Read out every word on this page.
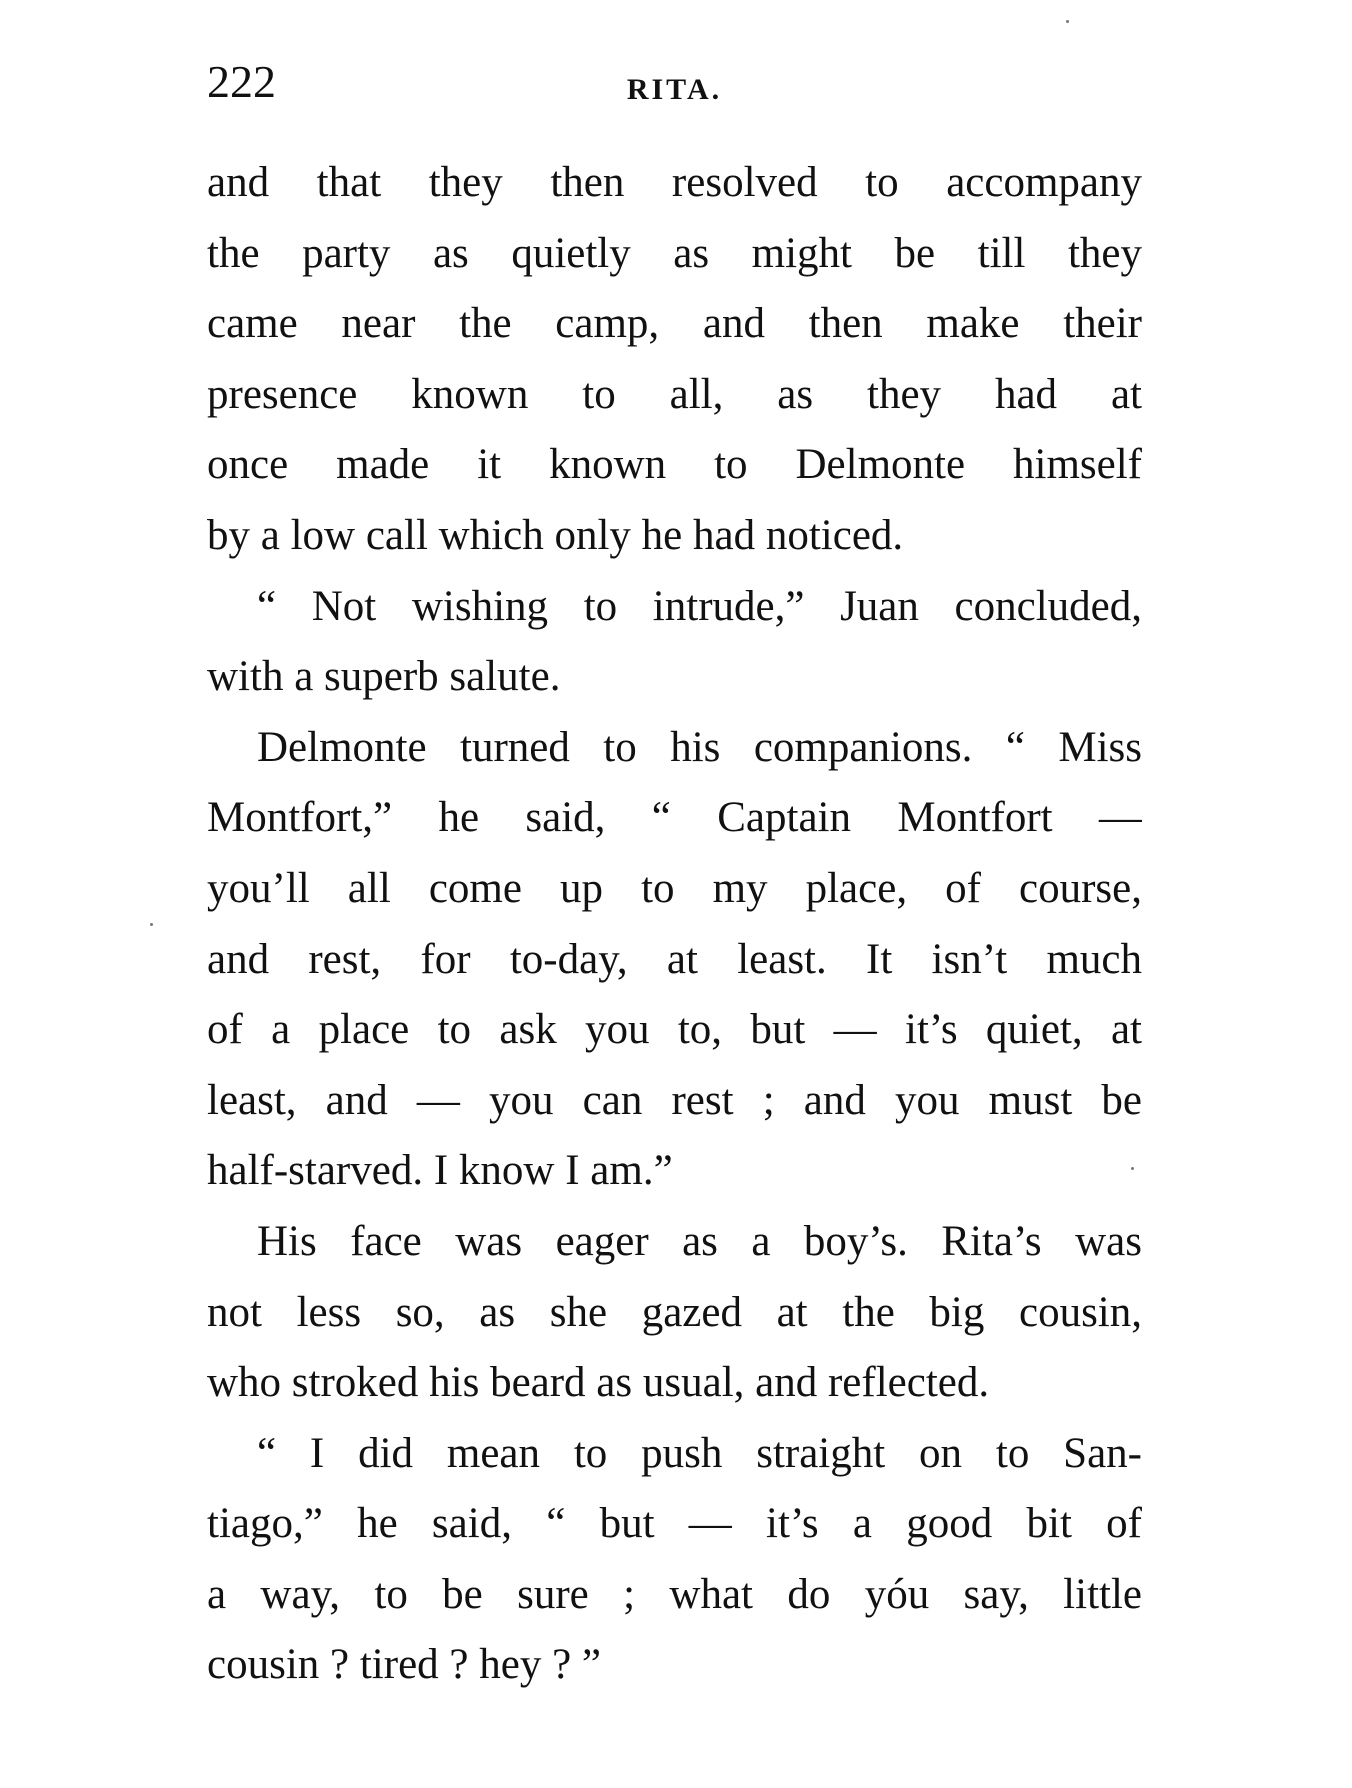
222	RITA.
and that they then resolved to accompany
the party as quietly as might be till they
came near the camp, and then make their
presence known to all, as they had at
once made it known to Delmonte himself
by a low call which only he had noticed.
“ Not wishing to intrude,” Juan concluded,
with a superb salute.
Delmonte turned to his companions. “ Miss
Montfort,” he said, “ Captain Montfort —
you’ll all come up to my place, of course,
and rest, for to-day, at least. It isn’t much
of a place to ask you to, but — it’s quiet, at
least, and — you can rest ; and you must be
half-starved. I know I am.”
His face was eager as a boy’s. Rita’s was
not less so, as she gazed at the big cousin,
who stroked his beard as usual, and reflected.
“ I did mean to push straight on to San-
tiago,” he said, “ but — it’s a good bit of
a way, to be sure ; what do yóu say, little
cousin ? tired ? hey ? ”
